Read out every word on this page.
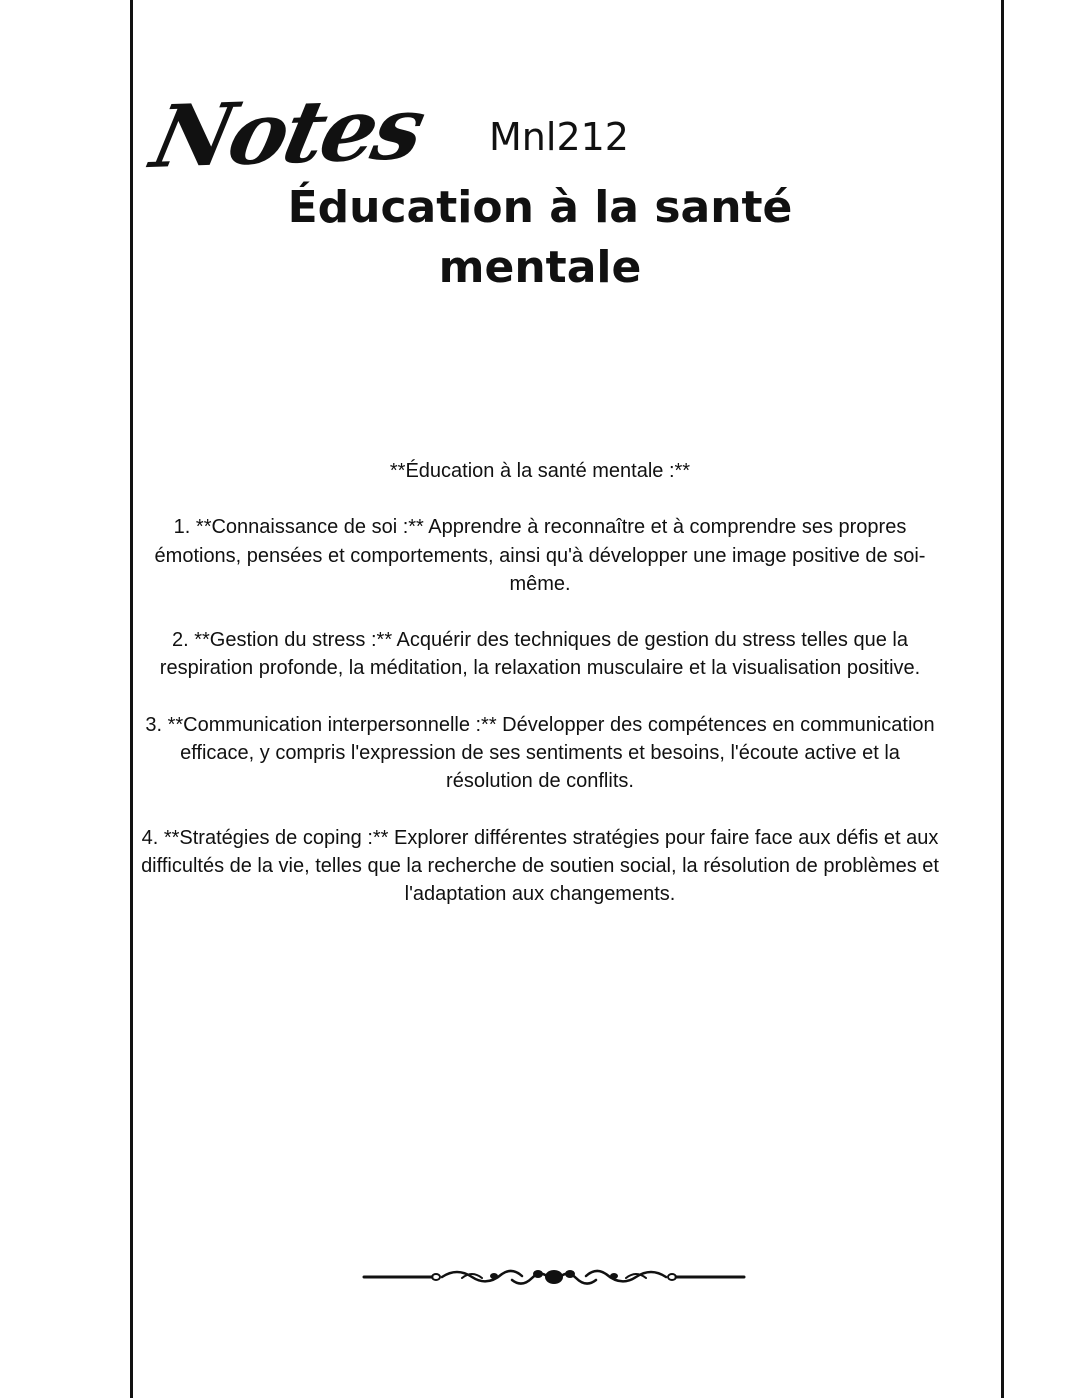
Notes	Mnl212
Éducation à la santé
mentale

**Éducation à la santé mentale :**

1. **Connaissance de soi :** Apprendre à reconnaître et à comprendre ses propres émotions, pensées et comportements, ainsi qu'à développer une image positive de soi-même.

2. **Gestion du stress :** Acquérir des techniques de gestion du stress telles que la respiration profonde, la méditation, la relaxation musculaire et la visualisation positive.

3. **Communication interpersonnelle :** Développer des compétences en communication efficace, y compris l'expression de ses sentiments et besoins, l'écoute active et la résolution de conflits.

4. **Stratégies de coping :** Explorer différentes stratégies pour faire face aux défis et aux difficultés de la vie, telles que la recherche de soutien social, la résolution de problèmes et l'adaptation aux changements.
